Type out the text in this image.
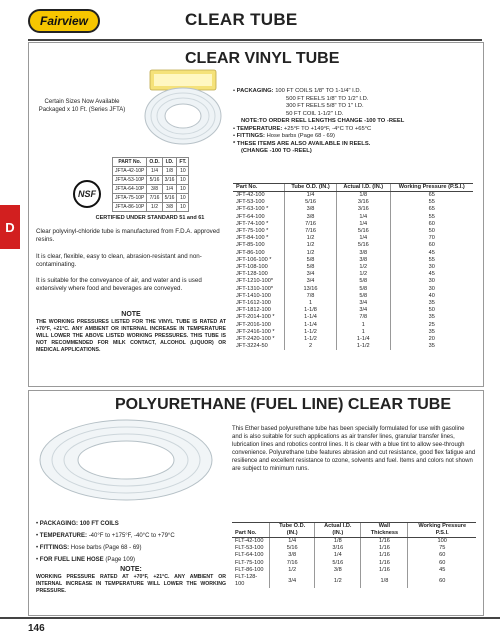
Fairview	CLEAR TUBE
D
CLEAR VINYL TUBE
Certain Sizes Now Available Packaged x 10 Ft. (Series JFTA)
PART No.	O.D.	I.D.	FT.
JFTA-42-10P	1/4	1/8	10
JFTA-53-10P	5/16	3/16	10
JFTA-64-10P	3/8	1/4	10
JFTA-75-10P	7/16	5/16	10
JFTA-86-10P	1/2	3/8	10
NSF
CERTIFIED UNDER STANDARD 51 and 61
Clear polyvinyl-chloride tube is manufactured from F.D.A. approved resins.
It is clear, flexible, easy to clean, abrasion-resistant and non-contaminating.
It is suitable for the conveyance of air, and water and is used extensively where food and beverages are conveyed.
NOTE
THE WORKING PRESSURES LISTED FOR THE VINYL TUBE IS RATED AT +70°F, +21°C. ANY AMBIENT OR INTERNAL INCREASE IN TEMPERATURE WILL LOWER THE ABOVE LISTED WORKING PRESSURES. THIS TUBE IS NOT RECOMMENDED FOR MILK CONTACT, ALCOHOL (LIQUOR) OR MEDICAL APPLICATIONS.
• PACKAGING: 100 FT COILS 1/8" TO 1-1/4" I.D.
500 FT REELS 1/8" TO 1/2" I.D.
300 FT REELS 5/8" TO 1" I.D.
50 FT COIL 1-1/2" I.D.
NOTE:TO ORDER REEL LENGTHS CHANGE -100 TO -REEL
• TEMPERATURE: +25°F TO +149°F, -4°C TO +65°C
• FITTINGS: Hose barbs (Page 68 - 69)
* THESE ITEMS ARE ALSO AVAILABLE IN REELS.
(CHANGE -100 TO -REEL)
Part No.	Tube O.D. (IN.)	Actual I.D. (IN.)	Working Pressure (P.S.I.)
JFT-42-100	1/4	1/8	65
JFT-53-100	5/16	3/16	55
JFT-63-100 *	3/8	3/16	65
JFT-64-100	3/8	1/4	55
JFT-74-100 *	7/16	1/4	60
JFT-75-100 *	7/16	5/16	50
JFT-84-100 *	1/2	1/4	70
JFT-85-100	1/2	5/16	60
JFT-86-100	1/2	3/8	45
JFT-106-100 *	5/8	3/8	55
JFT-108-100	5/8	1/2	30
JFT-128-100	3/4	1/2	45
JFT-1210-100*	3/4	5/8	30
JFT-1310-100*	13/16	5/8	30
JFT-1410-100	7/8	5/8	40
JFT-1612-100	1	3/4	35
JFT-1812-100	1-1/8	3/4	50
JFT-2014-100 *	1-1/4	7/8	35
JFT-2016-100	1-1/4	1	25
JFT-2416-100 *	1-1/2	1	35
JFT-2420-100 *	1-1/2	1-1/4	20
JFT-3224-50	2	1-1/2	35
POLYURETHANE (FUEL LINE) CLEAR TUBE
This Ether based polyurethane tube has been specially formulated for use with gasoline and is also suitable for such applications as air transfer lines, granular transfer lines, lubrication lines and robotics control lines. It is clear with a blue tint to allow see-through convenience. Polyurethane tube features abrasion and cut resistance, good flex fatigue and resilience and excellent resistance to ozone, solvents and fuel. Items and colors not shown are subject to minimum runs.
• PACKAGING: 100 FT COILS
• TEMPERATURE: -40°F to +175°F, -40°C to +79°C
• FITTINGS: Hose barbs (Page 68 - 69)
• FOR FUEL LINE HOSE (Page 109)
NOTE:
WORKING PRESSURE RATED AT +70°F, +21°C. ANY AMBIENT OR INTERNAL INCREASE IN TEMPERATURE WILL LOWER THE WORKING PRESSURE.
Part No.	Tube O.D. (IN.)	Actual I.D. (IN.)	Wall Thickness	Working Pressure P.S.I.
FLT-42-100	1/4	1/8	1/16	100
FLT-53-100	5/16	3/16	1/16	75
FLT-64-100	3/8	1/4	1/16	60
FLT-75-100	7/16	5/16	1/16	60
FLT-86-100	1/2	3/8	1/16	45
FLT-128-100	3/4	1/2	1/8	60
146
